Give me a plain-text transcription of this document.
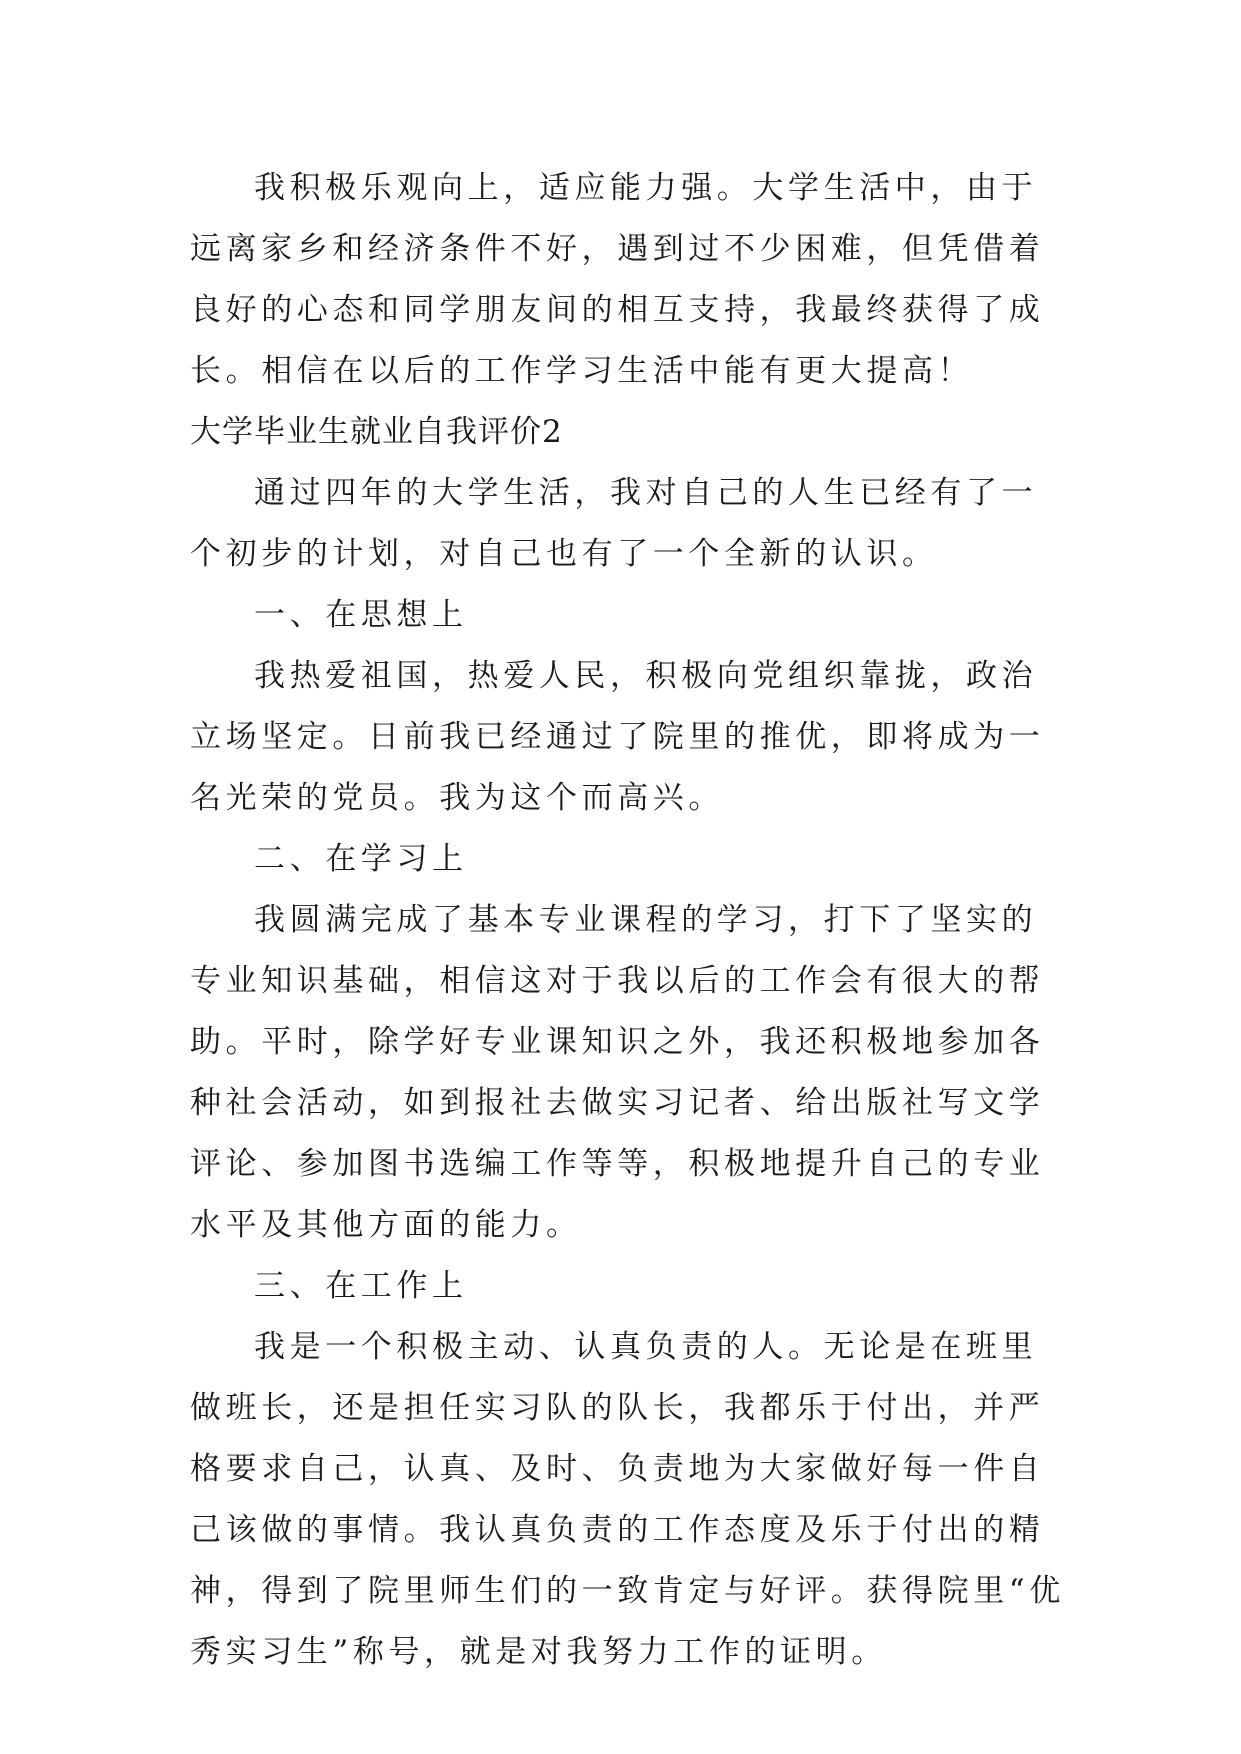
我积极乐观向上，适应能力强。大学生活中，由于远离家乡和经济条件不好，遇到过不少困难，但凭借着良好的心态和同学朋友间的相互支持，我最终获得了成长。相信在以后的工作学习生活中能有更大提高！

大学毕业生就业自我评价2

通过四年的大学生活，我对自己的人生已经有了一个初步的计划，对自己也有了一个全新的认识。

一、在思想上

我热爱祖国，热爱人民，积极向党组织靠拢，政治立场坚定。日前我已经通过了院里的推优，即将成为一名光荣的党员。我为这个而高兴。

二、在学习上

我圆满完成了基本专业课程的学习，打下了坚实的专业知识基础，相信这对于我以后的工作会有很大的帮助。平时，除学好专业课知识之外，我还积极地参加各种社会活动，如到报社去做实习记者、给出版社写文学评论、参加图书选编工作等等，积极地提升自己的专业水平及其他方面的能力。

三、在工作上

我是一个积极主动、认真负责的人。无论是在班里做班长，还是担任实习队的队长，我都乐于付出，并严格要求自己，认真、及时、负责地为大家做好每一件自己该做的事情。我认真负责的工作态度及乐于付出的精神，得到了院里师生们的一致肯定与好评。获得院里“优秀实习生”称号，就是对我努力工作的证明。
